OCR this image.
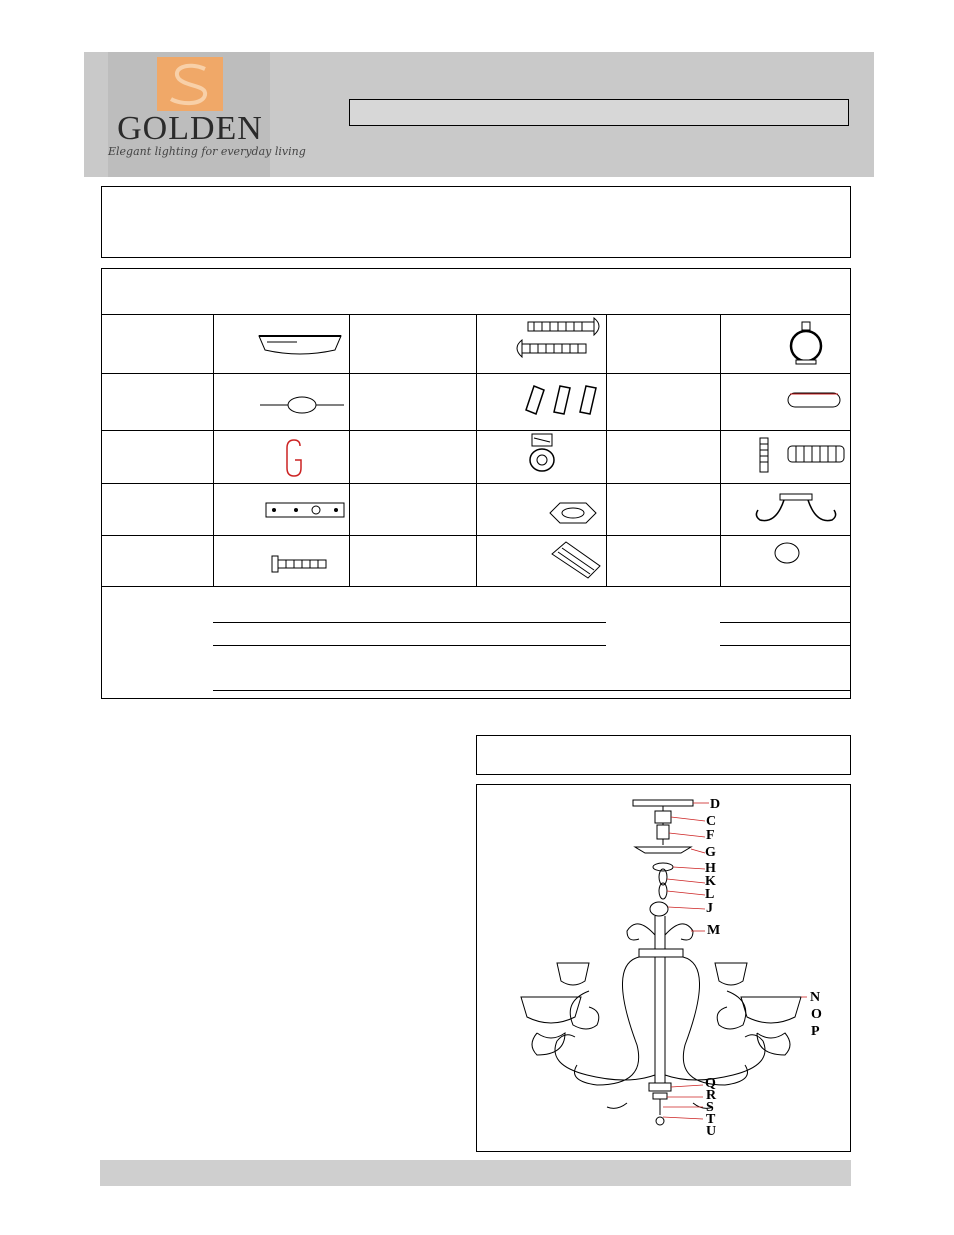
GOLDEN
Elegant lighting for everyday living
D
C
F
G
H
K
L
J
M
N
O
P
Q
R
S
T
U
